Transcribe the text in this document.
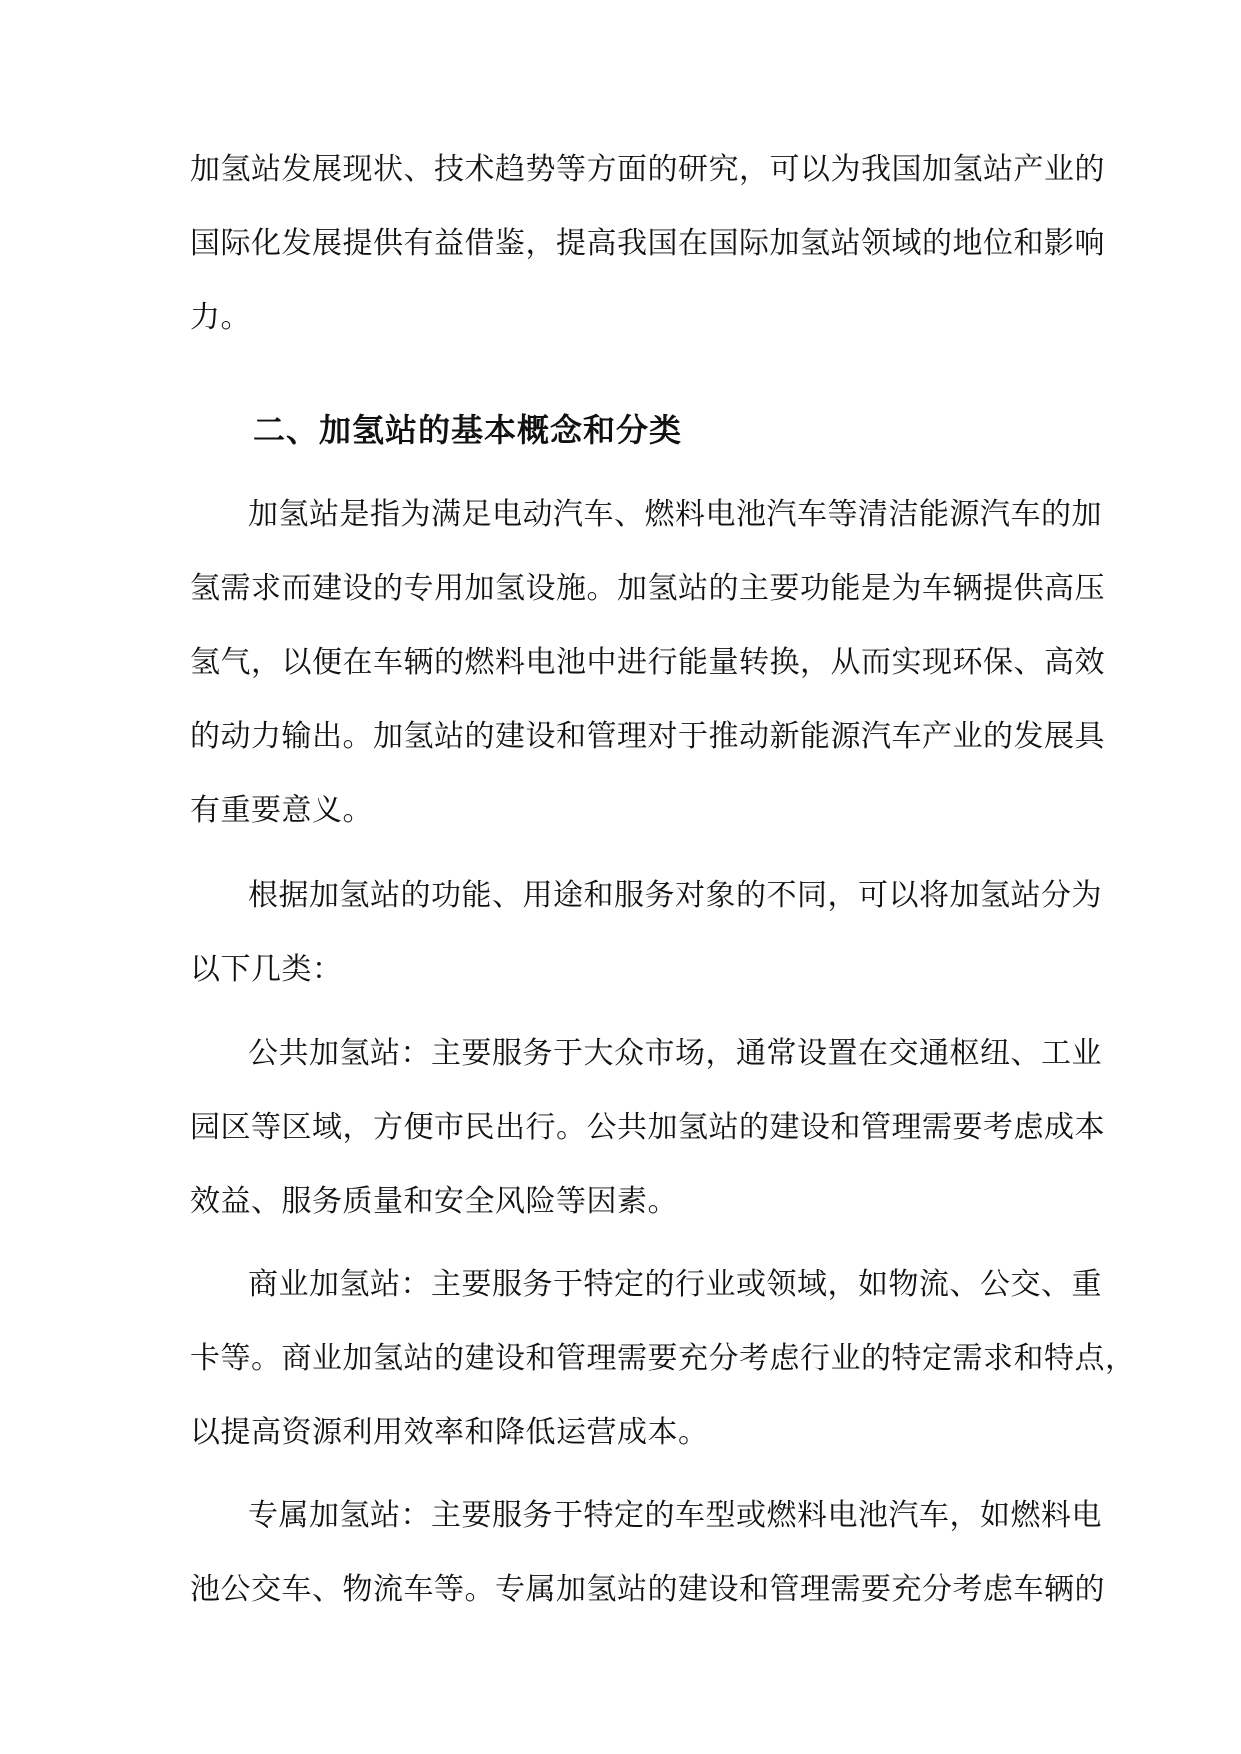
加氢站发展现状、技术趋势等方面的研究，可以为我国加氢站产业的
国际化发展提供有益借鉴，提高我国在国际加氢站领域的地位和影响
力。
二、加氢站的基本概念和分类
加氢站是指为满足电动汽车、燃料电池汽车等清洁能源汽车的加
氢需求而建设的专用加氢设施。加氢站的主要功能是为车辆提供高压
氢气，以便在车辆的燃料电池中进行能量转换，从而实现环保、高效
的动力输出。加氢站的建设和管理对于推动新能源汽车产业的发展具
有重要意义。
根据加氢站的功能、用途和服务对象的不同，可以将加氢站分为
以下几类：
公共加氢站：主要服务于大众市场，通常设置在交通枢纽、工业
园区等区域，方便市民出行。公共加氢站的建设和管理需要考虑成本
效益、服务质量和安全风险等因素。
商业加氢站：主要服务于特定的行业或领域，如物流、公交、重
卡等。商业加氢站的建设和管理需要充分考虑行业的特定需求和特点，
以提高资源利用效率和降低运营成本。
专属加氢站：主要服务于特定的车型或燃料电池汽车，如燃料电
池公交车、物流车等。专属加氢站的建设和管理需要充分考虑车辆的
